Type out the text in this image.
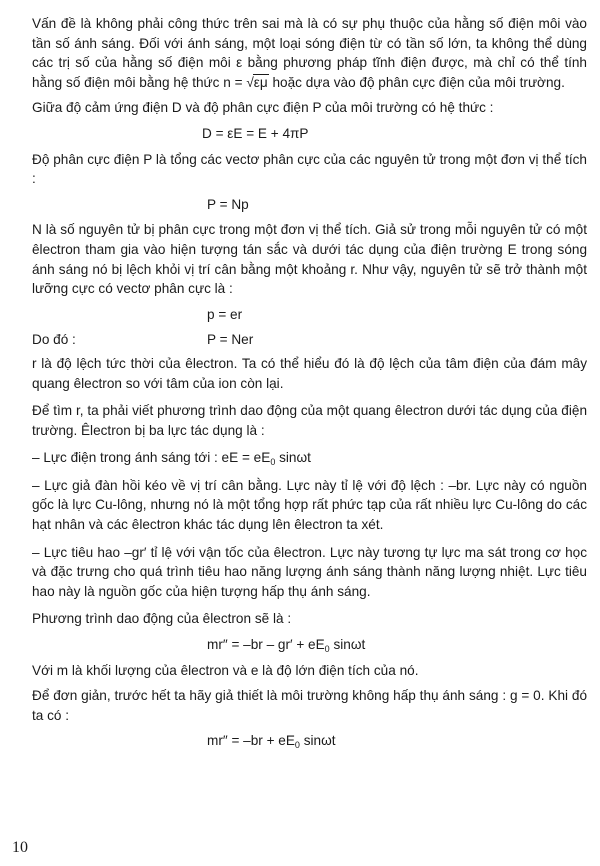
Vấn đề là không phải công thức trên sai mà là có sự phụ thuộc của hằng số điện môi vào tần số ánh sáng. Đối với ánh sáng, một loại sóng điện từ có tần số lớn, ta không thể dùng các trị số của hằng số điện môi ε bằng phương pháp tĩnh điện được, mà chỉ có thể tính hằng số điện môi bằng hệ thức n = √εμ hoặc dựa vào độ phân cực điện của môi trường.

Giữa độ cảm ứng điện D và độ phân cực điện P của môi trường có hệ thức :

D = εE = E + 4πP

Độ phân cực điện P là tổng các vectơ phân cực của các nguyên tử trong một đơn vị thể tích :

P = Np

N là số nguyên tử bị phân cực trong một đơn vị thể tích. Giả sử trong mỗi nguyên tử có một êlectron tham gia vào hiện tượng tán sắc và dưới tác dụng của điện trường E trong sóng ánh sáng nó bị lệch khỏi vị trí cân bằng một khoảng r. Như vậy, nguyên tử sẽ trở thành một lưỡng cực có vectơ phân cực là :

p = er
Do đó :	P = Ner

r là độ lệch tức thời của êlectron. Ta có thể hiểu đó là độ lệch của tâm điện của đám mây quang êlectron so với tâm của ion còn lại.

Để tìm r, ta phải viết phương trình dao động của một quang êlectron dưới tác dụng của điện trường. Êlectron bị ba lực tác dụng là :

– Lực điện trong ánh sáng tới : eE = $eE_0$ sinωt

– Lực giả đàn hồi kéo về vị trí cân bằng. Lực này tỉ lệ với độ lệch : –br. Lực này có nguồn gốc là lực Cu-lông, nhưng nó là một tổng hợp rất phức tạp của rất nhiều lực Cu-lông do các hạt nhân và các êlectron khác tác dụng lên êlectron ta xét.

– Lực tiêu hao –gr′ tỉ lệ với vận tốc của êlectron. Lực này tương tự lực ma sát trong cơ học và đặc trưng cho quá trình tiêu hao năng lượng ánh sáng thành năng lượng nhiệt. Lực tiêu hao này là nguồn gốc của hiện tượng hấp thụ ánh sáng.

Phương trình dao động của êlectron sẽ là :

$mr'' = -br - gr' + eE_0$ sinωt

Với m là khối lượng của êlectron và e là độ lớn điện tích của nó.

Để đơn giản, trước hết ta hãy giả thiết là môi trường không hấp thụ ánh sáng : g = 0. Khi đó ta có :

$mr'' = -br + eE_0$ sinωt
10
